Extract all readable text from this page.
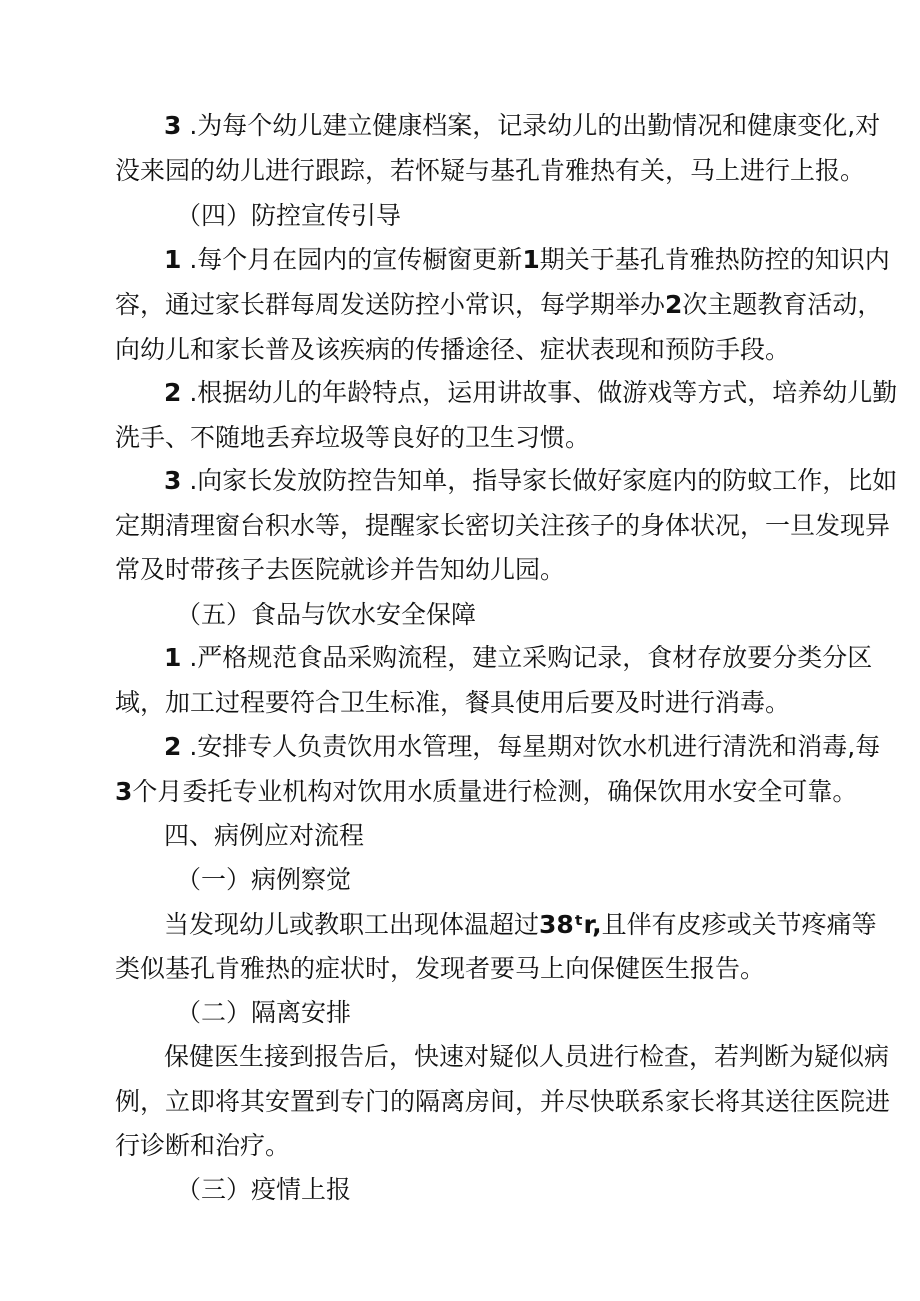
3 .为每个幼儿建立健康档案，记录幼儿的出勤情况和健康变化,对

没来园的幼儿进行跟踪，若怀疑与基孔肯雅热有关，马上进行上报。

（四）防控宣传引导

1 .每个月在园内的宣传橱窗更新1期关于基孔肯雅热防控的知识内

容，通过家长群每周发送防控小常识，每学期举办2次主题教育活动，

向幼儿和家长普及该疾病的传播途径、症状表现和预防手段。

2 .根据幼儿的年龄特点，运用讲故事、做游戏等方式，培养幼儿勤

洗手、不随地丢弃垃圾等良好的卫生习惯。

3 .向家长发放防控告知单，指导家长做好家庭内的防蚊工作，比如

定期清理窗台积水等，提醒家长密切关注孩子的身体状况，一旦发现异

常及时带孩子去医院就诊并告知幼儿园。

（五）食品与饮水安全保障

1 .严格规范食品采购流程，建立采购记录，食材存放要分类分区

域，加工过程要符合卫生标准，餐具使用后要及时进行消毒。

2 .安排专人负责饮用水管理，每星期对饮水机进行清洗和消毒,每

3个月委托专业机构对饮用水质量进行检测，确保饮用水安全可靠。

四、病例应对流程

（一）病例察觉

当发现幼儿或教职工出现体温超过38ᵗr,且伴有皮疹或关节疼痛等

类似基孔肯雅热的症状时，发现者要马上向保健医生报告。

（二）隔离安排

保健医生接到报告后，快速对疑似人员进行检查，若判断为疑似病

例，立即将其安置到专门的隔离房间，并尽快联系家长将其送往医院进

行诊断和治疗。

（三）疫情上报
